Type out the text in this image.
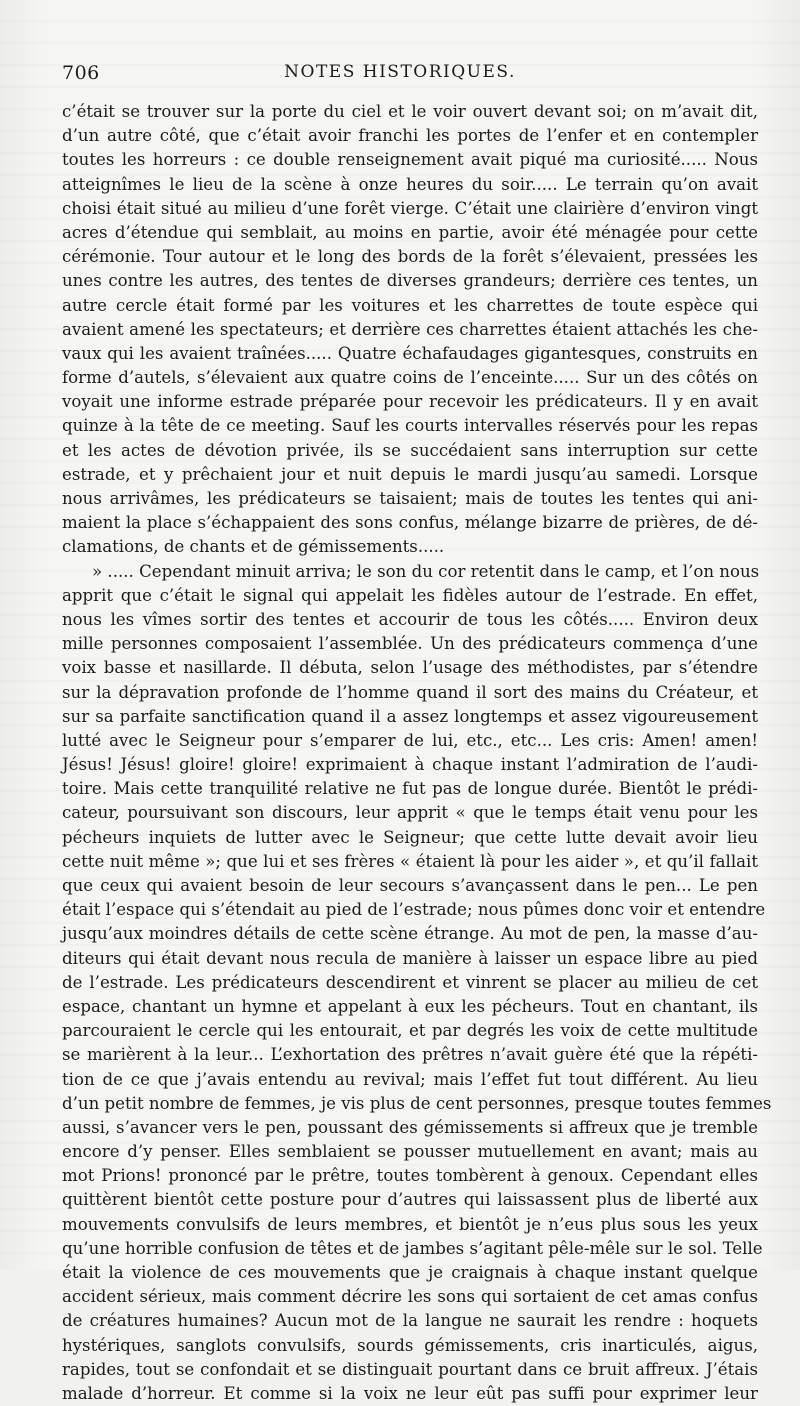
706	NOTES HISTORIQUES.
c’était se trouver sur la porte du ciel et le voir ouvert devant soi; on m’avait dit,
d’un autre côté, que c’était avoir franchi les portes de l’enfer et en contempler
toutes les horreurs : ce double renseignement avait piqué ma curiosité..... Nous
atteignîmes le lieu de la scène à onze heures du soir..... Le terrain qu’on avait
choisi était situé au milieu d’une forêt vierge. C’était une clairière d’environ vingt
acres d’étendue qui semblait, au moins en partie, avoir été ménagée pour cette
cérémonie. Tour autour et le long des bords de la forêt s’élevaient, pressées les
unes contre les autres, des tentes de diverses grandeurs; derrière ces tentes, un
autre cercle était formé par les voitures et les charrettes de toute espèce qui
avaient amené les spectateurs; et derrière ces charrettes étaient attachés les che-
vaux qui les avaient traînées..... Quatre échafaudages gigantesques, construits en
forme d’autels, s’élevaient aux quatre coins de l’enceinte..... Sur un des côtés on
voyait une informe estrade préparée pour recevoir les prédicateurs. Il y en avait
quinze à la tête de ce meeting. Sauf les courts intervalles réservés pour les repas
et les actes de dévotion privée, ils se succédaient sans interruption sur cette
estrade, et y prêchaient jour et nuit depuis le mardi jusqu’au samedi. Lorsque
nous arrivâmes, les prédicateurs se taisaient; mais de toutes les tentes qui ani-
maient la place s’échappaient des sons confus, mélange bizarre de prières, de dé-
clamations, de chants et de gémissements.....
» ..... Cependant minuit arriva; le son du cor retentit dans le camp, et l’on nous
apprit que c’était le signal qui appelait les fidèles autour de l’estrade. En effet,
nous les vîmes sortir des tentes et accourir de tous les côtés..... Environ deux
mille personnes composaient l’assemblée. Un des prédicateurs commença d’une
voix basse et nasillarde. Il débuta, selon l’usage des méthodistes, par s’étendre
sur la dépravation profonde de l’homme quand il sort des mains du Créateur, et
sur sa parfaite sanctification quand il a assez longtemps et assez vigoureusement
lutté avec le Seigneur pour s’emparer de lui, etc., etc... Les cris: Amen! amen!
Jésus! Jésus! gloire! gloire! exprimaient à chaque instant l’admiration de l’audi-
toire. Mais cette tranquilité relative ne fut pas de longue durée. Bientôt le prédi-
cateur, poursuivant son discours, leur apprit « que le temps était venu pour les
pécheurs inquiets de lutter avec le Seigneur; que cette lutte devait avoir lieu
cette nuit même »; que lui et ses frères « étaient là pour les aider », et qu’il fallait
que ceux qui avaient besoin de leur secours s’avançassent dans le pen... Le pen
était l’espace qui s’étendait au pied de l’estrade; nous pûmes donc voir et entendre
jusqu’aux moindres détails de cette scène étrange. Au mot de pen, la masse d’au-
diteurs qui était devant nous recula de manière à laisser un espace libre au pied
de l’estrade. Les prédicateurs descendirent et vinrent se placer au milieu de cet
espace, chantant un hymne et appelant à eux les pécheurs. Tout en chantant, ils
parcouraient le cercle qui les entourait, et par degrés les voix de cette multitude
se marièrent à la leur... L’exhortation des prêtres n’avait guère été que la répéti-
tion de ce que j’avais entendu au revival; mais l’effet fut tout différent. Au lieu
d’un petit nombre de femmes, je vis plus de cent personnes, presque toutes femmes
aussi, s’avancer vers le pen, poussant des gémissements si affreux que je tremble
encore d’y penser. Elles semblaient se pousser mutuellement en avant; mais au
mot Prions! prononcé par le prêtre, toutes tombèrent à genoux. Cependant elles
quittèrent bientôt cette posture pour d’autres qui laissassent plus de liberté aux
mouvements convulsifs de leurs membres, et bientôt je n’eus plus sous les yeux
qu’une horrible confusion de têtes et de jambes s’agitant pêle-mêle sur le sol. Telle
était la violence de ces mouvements que je craignais à chaque instant quelque
accident sérieux, mais comment décrire les sons qui sortaient de cet amas confus
de créatures humaines? Aucun mot de la langue ne saurait les rendre : hoquets
hystériques, sanglots convulsifs, sourds gémissements, cris inarticulés, aigus,
rapides, tout se confondait et se distinguait pourtant dans ce bruit affreux. J’étais
malade d’horreur. Et comme si la voix ne leur eût pas suffi pour exprimer leur
